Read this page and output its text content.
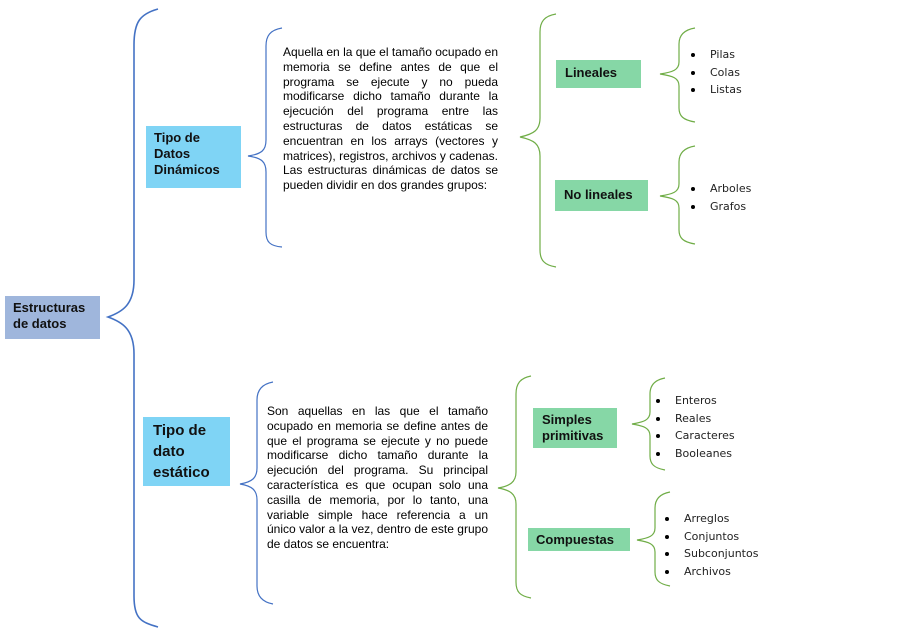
Estructuras de datos
Tipo de Datos Dinámicos

Aquella en la que el tamaño ocupado en memoria se define antes de que el programa se ejecute y no pueda modificarse dicho tamaño durante la ejecución del programa entre las estructuras de datos estáticas se encuentran en los arrays (vectores y matrices), registros, archivos y cadenas. Las estructuras dinámicas de datos se pueden dividir en dos grandes grupos:

Lineales
Pilas
Colas
Listas
No lineales	Arboles
Grafos
Tipo de dato estático

Son aquellas en las que el tamaño ocupado en memoria se define antes de que el programa se ejecute y no puede modificarse dicho tamaño durante la ejecución del programa. Su principal característica es que ocupan solo una casilla de memoria, por lo tanto, una variable simple hace referencia a un único valor a la vez, dentro de este grupo de datos se encuentra:

Simples primitivas
Enteros
Reales
Caracteres
Booleanes
Compuestas
Arreglos
Conjuntos
Subconjuntos
Archivos
